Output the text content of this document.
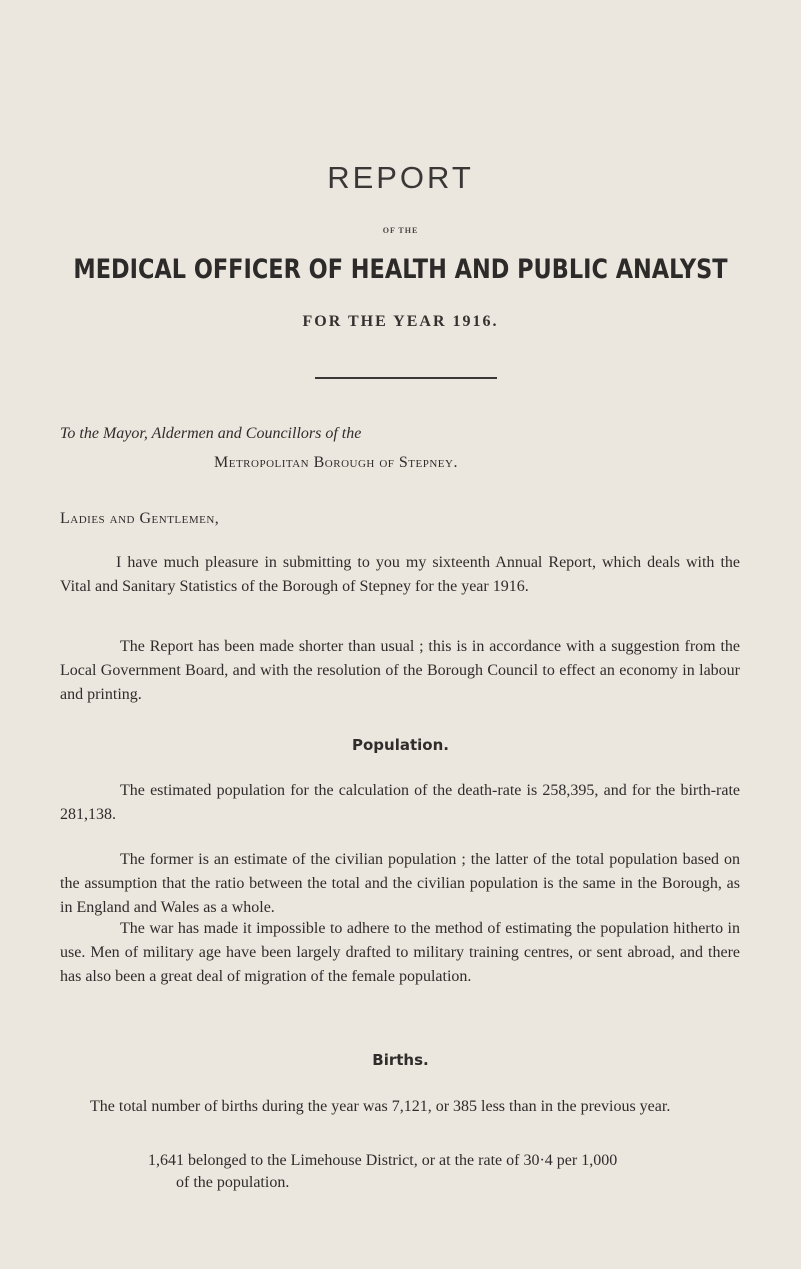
REPORT
OF THE
MEDICAL OFFICER OF HEALTH AND PUBLIC ANALYST
FOR THE YEAR 1916.
To the Mayor, Aldermen and Councillors of the
Metropolitan Borough of Stepney.
Ladies and Gentlemen,
I have much pleasure in submitting to you my sixteenth Annual Report, which deals with the Vital and Sanitary Statistics of the Borough of Stepney for the year 1916.
The Report has been made shorter than usual ; this is in accordance with a suggestion from the Local Government Board, and with the resolution of the Borough Council to effect an economy in labour and printing.
Population.
The estimated population for the calculation of the death-rate is 258,395, and for the birth-rate 281,138.
The former is an estimate of the civilian population ; the latter of the total population based on the assumption that the ratio between the total and the civilian population is the same in the Borough, as in England and Wales as a whole.
The war has made it impossible to adhere to the method of estimating the population hitherto in use. Men of military age have been largely drafted to military training centres, or sent abroad, and there has also been a great deal of migration of the female population.
Births.
The total number of births during the year was 7,121, or 385 less than in the previous year.
1,641 belonged to the Limehouse District, or at the rate of 30·4 per 1,000
of the population.
